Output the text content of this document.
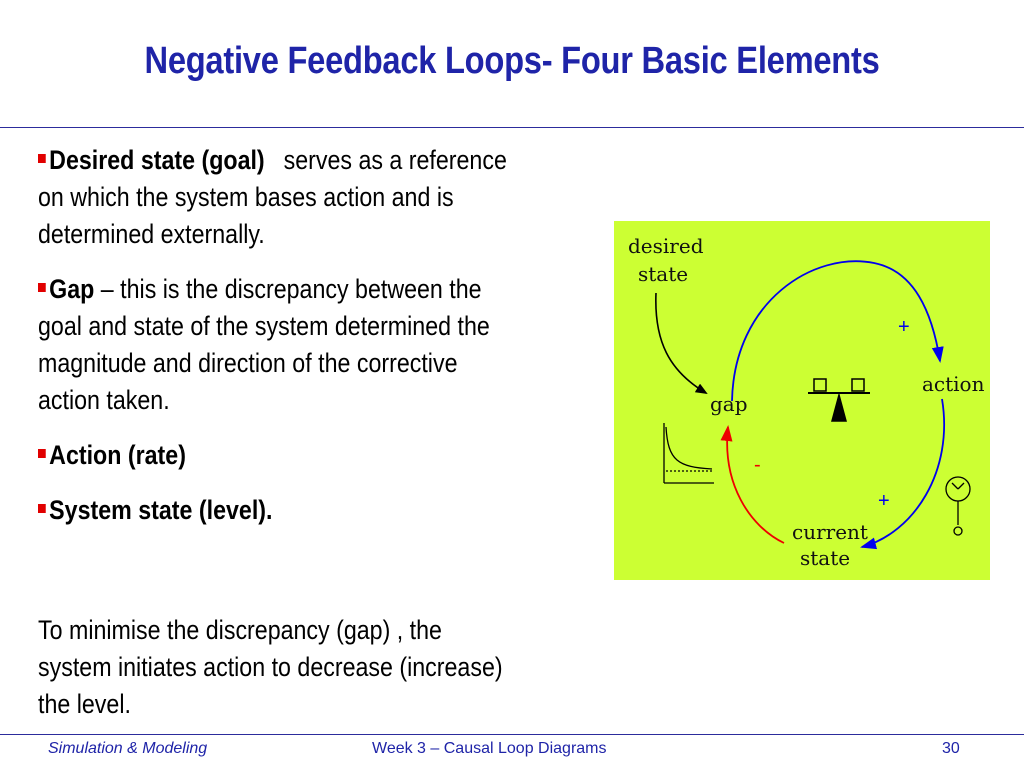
Negative Feedback Loops- Four Basic Elements

Desired state (goal) serves as a reference on which the system bases action and is determined externally.

Gap – this is the discrepancy between the goal and state of the system determined the magnitude and direction of the corrective action taken.

Action (rate)

System state (level).

To minimise the discrepancy (gap) , the system initiates action to decrease (increase) the level.
desired
state
gap
action
current
state
+
-
+
Simulation & Modeling	Week 3 – Causal Loop Diagrams	30
